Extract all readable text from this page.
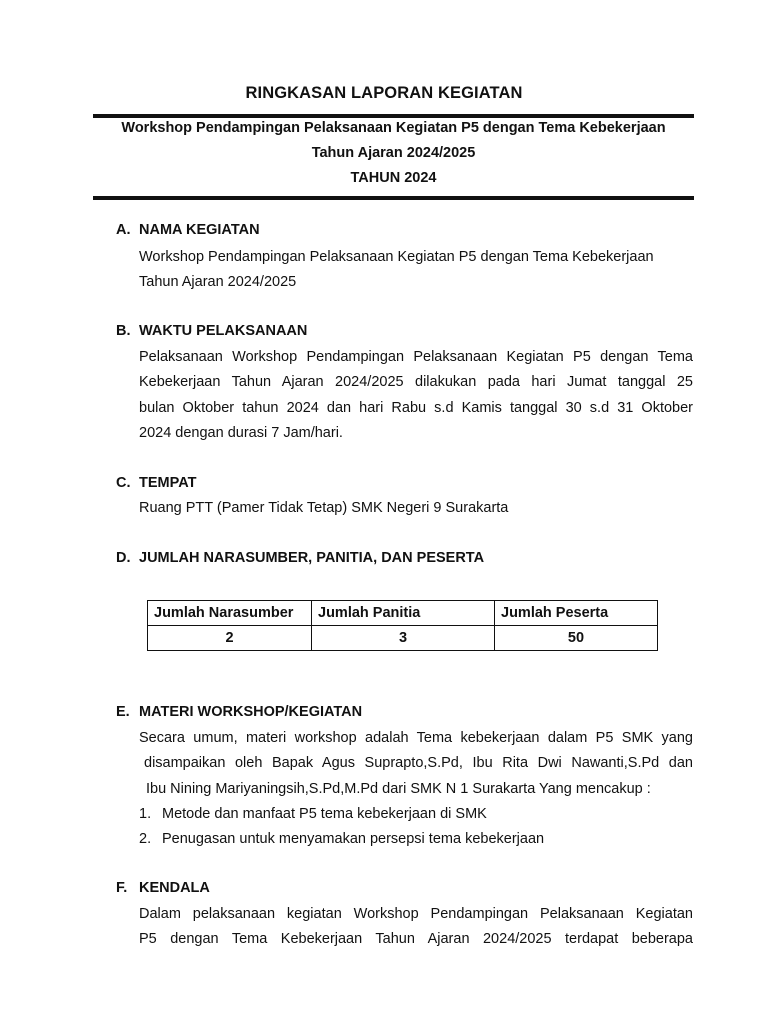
RINGKASAN LAPORAN KEGIATAN
Workshop Pendampingan Pelaksanaan Kegiatan P5 dengan Tema Kebekerjaan
Tahun Ajaran 2024/2025
TAHUN 2024
A. NAMA KEGIATAN
Workshop Pendampingan Pelaksanaan Kegiatan P5 dengan Tema Kebekerjaan
Tahun Ajaran 2024/2025
B. WAKTU PELAKSANAAN
Pelaksanaan Workshop Pendampingan Pelaksanaan Kegiatan P5 dengan Tema
Kebekerjaan Tahun Ajaran 2024/2025 dilakukan pada hari Jumat tanggal 25
bulan Oktober tahun 2024 dan hari Rabu s.d Kamis tanggal 30 s.d 31 Oktober
2024 dengan durasi 7 Jam/hari.
C. TEMPAT
Ruang PTT (Pamer Tidak Tetap) SMK Negeri 9 Surakarta
D. JUMLAH NARASUMBER, PANITIA, DAN PESERTA
Jumlah Narasumber	Jumlah Panitia	Jumlah Peserta
2	3	50
E. MATERI WORKSHOP/KEGIATAN
Secara umum, materi workshop adalah Tema kebekerjaan dalam P5 SMK yang
disampaikan oleh Bapak Agus Suprapto,S.Pd, Ibu Rita Dwi Nawanti,S.Pd dan
Ibu Nining Mariyaningsih,S.Pd,M.Pd dari SMK N 1 Surakarta Yang mencakup :
1. Metode dan manfaat P5 tema kebekerjaan di SMK
2. Penugasan untuk menyamakan persepsi tema kebekerjaan
F. KENDALA
Dalam pelaksanaan kegiatan Workshop Pendampingan Pelaksanaan Kegiatan
P5 dengan Tema Kebekerjaan Tahun Ajaran 2024/2025 terdapat beberapa
